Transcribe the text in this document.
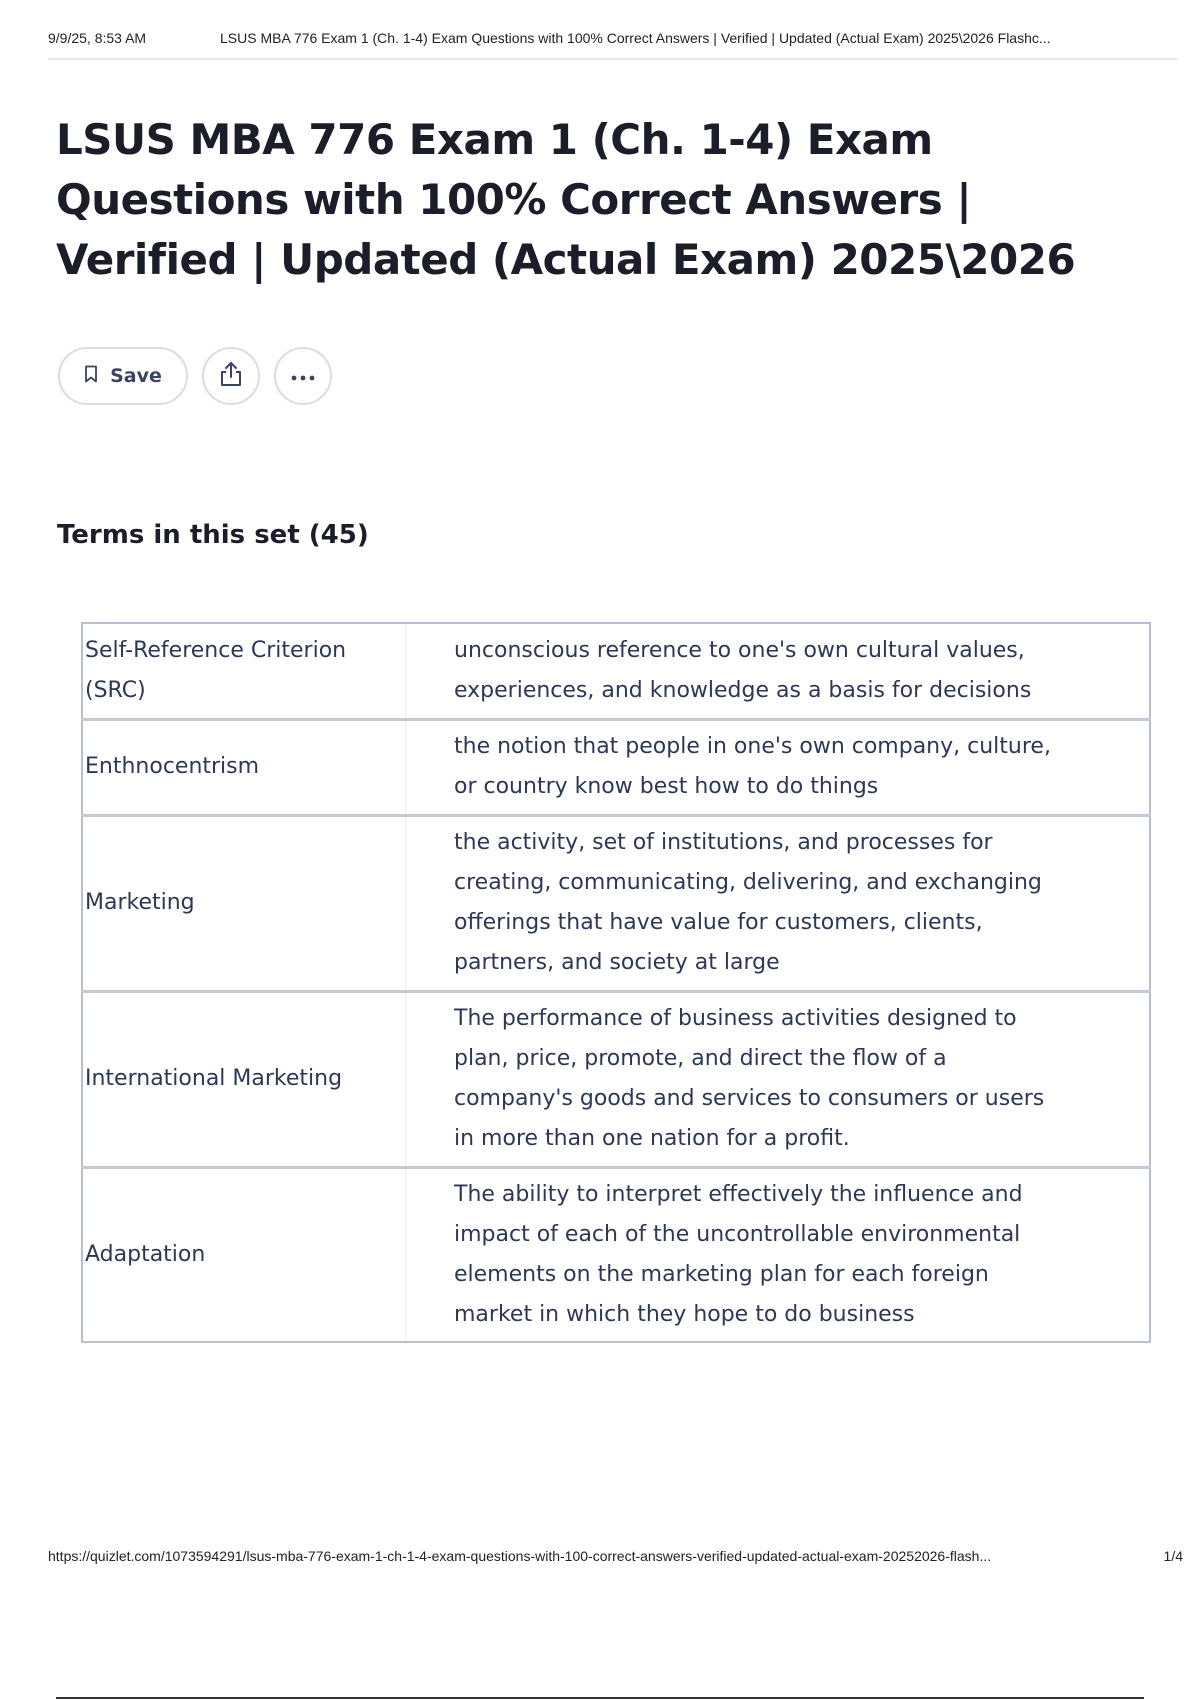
9/9/25, 8:53 AM	LSUS MBA 776 Exam 1 (Ch. 1-4) Exam Questions with 100% Correct Answers | Verified | Updated (Actual Exam) 2025\2026 Flashc...
LSUS MBA 776 Exam 1 (Ch. 1-4) Exam Questions with 100% Correct Answers | Verified | Updated (Actual Exam) 2025\2026
Save
Terms in this set (45)
Self-Reference Criterion (SRC)	unconscious reference to one's own cultural values, experiences, and knowledge as a basis for decisions
Enthnocentrism	the notion that people in one's own company, culture, or country know best how to do things
Marketing	the activity, set of institutions, and processes for creating, communicating, delivering, and exchanging offerings that have value for customers, clients, partners, and society at large
International Marketing	The performance of business activities designed to plan, price, promote, and direct the flow of a company's goods and services to consumers or users in more than one nation for a profit.
Adaptation	The ability to interpret effectively the influence and impact of each of the uncontrollable environmental elements on the marketing plan for each foreign market in which they hope to do business
https://quizlet.com/1073594291/lsus-mba-776-exam-1-ch-1-4-exam-questions-with-100-correct-answers-verified-updated-actual-exam-20252026-flash...	1/4
